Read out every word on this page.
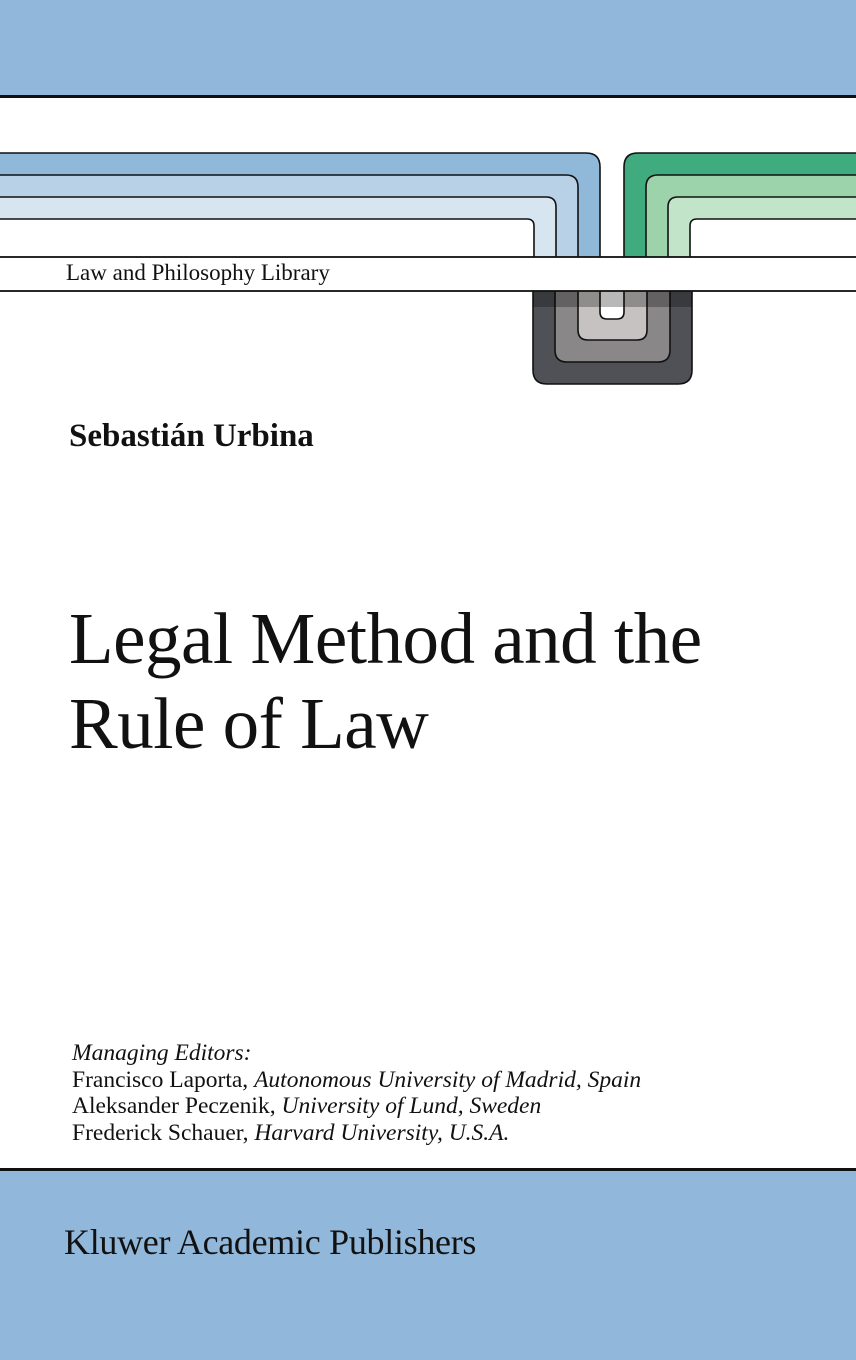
Law and Philosophy Library
Sebastián Urbina
Legal Method and the
Rule of Law
Managing Editors:
Francisco Laporta, Autonomous University of Madrid, Spain
Aleksander Peczenik, University of Lund, Sweden
Frederick Schauer, Harvard University, U.S.A.
Kluwer Academic Publishers
